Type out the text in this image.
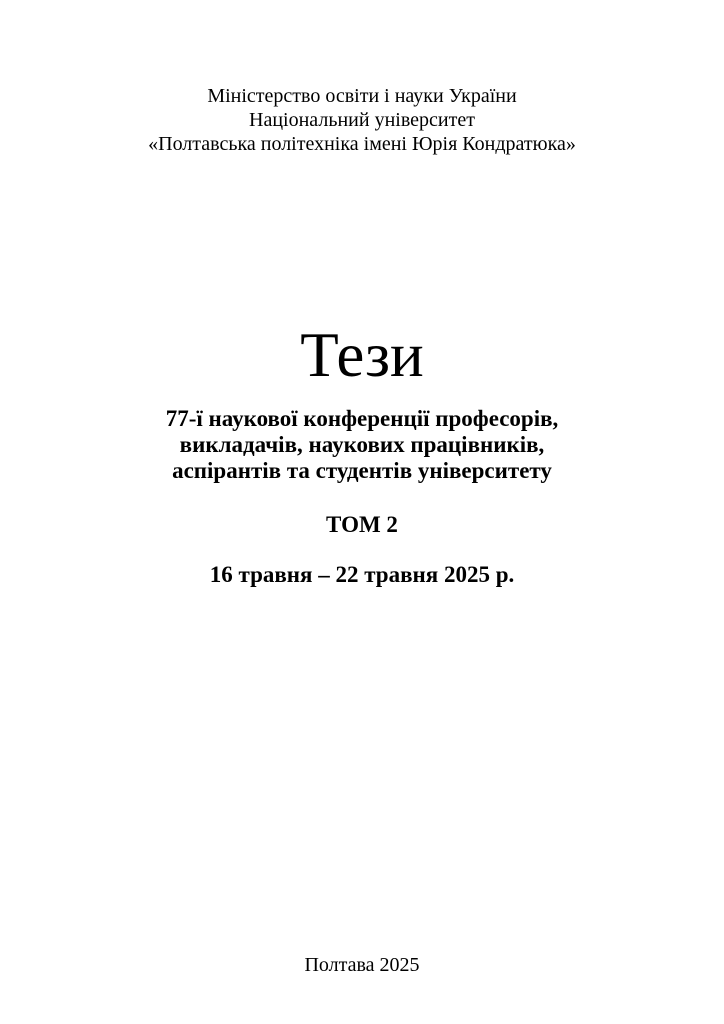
Міністерство освіти і науки України
Національний університет
«Полтавська політехніка імені Юрія Кондратюка»
Тези
77-ї наукової конференції професорів,
викладачів, наукових працівників,
аспірантів та студентів університету
ТОМ 2
16 травня – 22 травня 2025 р.
Полтава 2025
